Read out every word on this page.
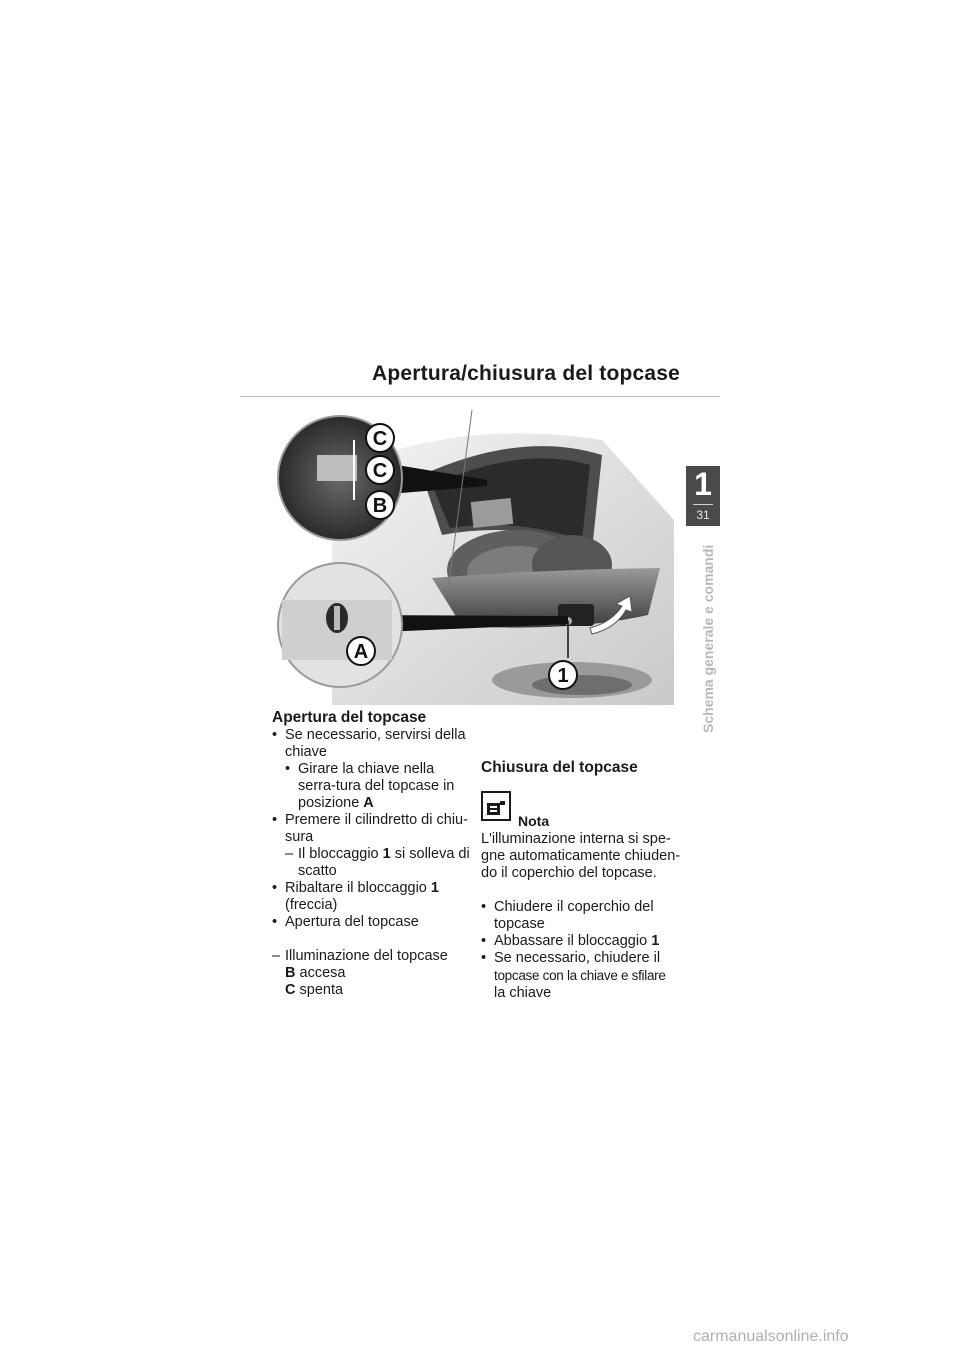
Apertura/chiusura del topcase
1
31
Schema generale e comandi
C
C
B
A
1
Apertura del topcase
• Se necessario, servirsi della chiave
• Girare la chiave nella serra-tura del topcase in posizione A
• Premere il cilindretto di chiu-sura
– Il bloccaggio 1 si solleva di scatto
• Ribaltare il bloccaggio 1 (freccia)
• Apertura del topcase
– Illuminazione del topcase
B accesa
C spenta
Chiusura del topcase
Nota
L'illuminazione interna si spe-gne automaticamente chiuden-do il coperchio del topcase.
• Chiudere il coperchio del topcase
• Abbassare il bloccaggio 1
• Se necessario, chiudere il
topcase con la chiave e sfilare
la chiave
carmanualsonline.info
